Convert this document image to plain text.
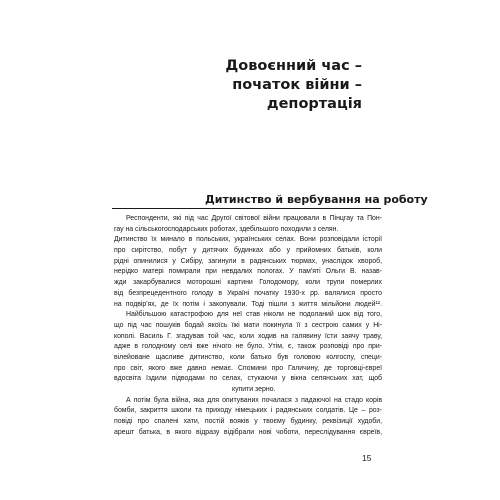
Довоєнний час –
початок війни –
депортація
Дитинство й вербування на роботу
Респонденти, які під час Другої світової війни працювали в Пінцгау та Пон-
гау на сільськогосподарських роботах, здебільшого походили з селян.
Дитинство їх минало в польських, українських селах. Вони розповідали історії
про сирітство, побут у дитячих будинках або у прийомних батьків, коли
рідні опинилися у Сибіру, загинули в радянських тюрмах, унаслідок хвороб,
нерідко матері помирали при невдалих пологах. У пам'яті Ольги В. назав-
жди закарбувалися моторошні картини Голодомору, коли трупи померлих
від безпрецедентного голоду в Україні початку 1930-х рр. валялися просто
на подвір'ях, де їх потім і закопували. Тоді пішли з життя мільйони людей¹².
Найбільшою катастрофою для неї став ніколи не подоланий шок від того,
що під час пошуків бодай якоїсь їжі мати покинула її з сестрою самих у Ні-
кополі. Василь Г. згадував той час, коли ходив на галявину їсти заячу траву,
адже в голодному селі вже нічого не було. Утім, є, також розповіді про при-
вілейоване щасливе дитинство, коли батько був головою колгоспу, специ-
про світ, якого вже давно немає. Спомини про Галичину, де торговці-євреї
вдосвіта їздили підводами по селах, стукаючи у вікна селянських хат, щоб
купити зерно.
А потім була війна, яка для опитуваних почалася з падаючої на стадо корів
бомби, закриття школи та приходу німецьких і радянських солдатів. Це – роз-
повіді про спалені хати, постій вояків у твоєму будинку, реквізиції худоби,
арешт батька, в якого відразу відібрали нові чоботи, переслідування євреїв,
15
